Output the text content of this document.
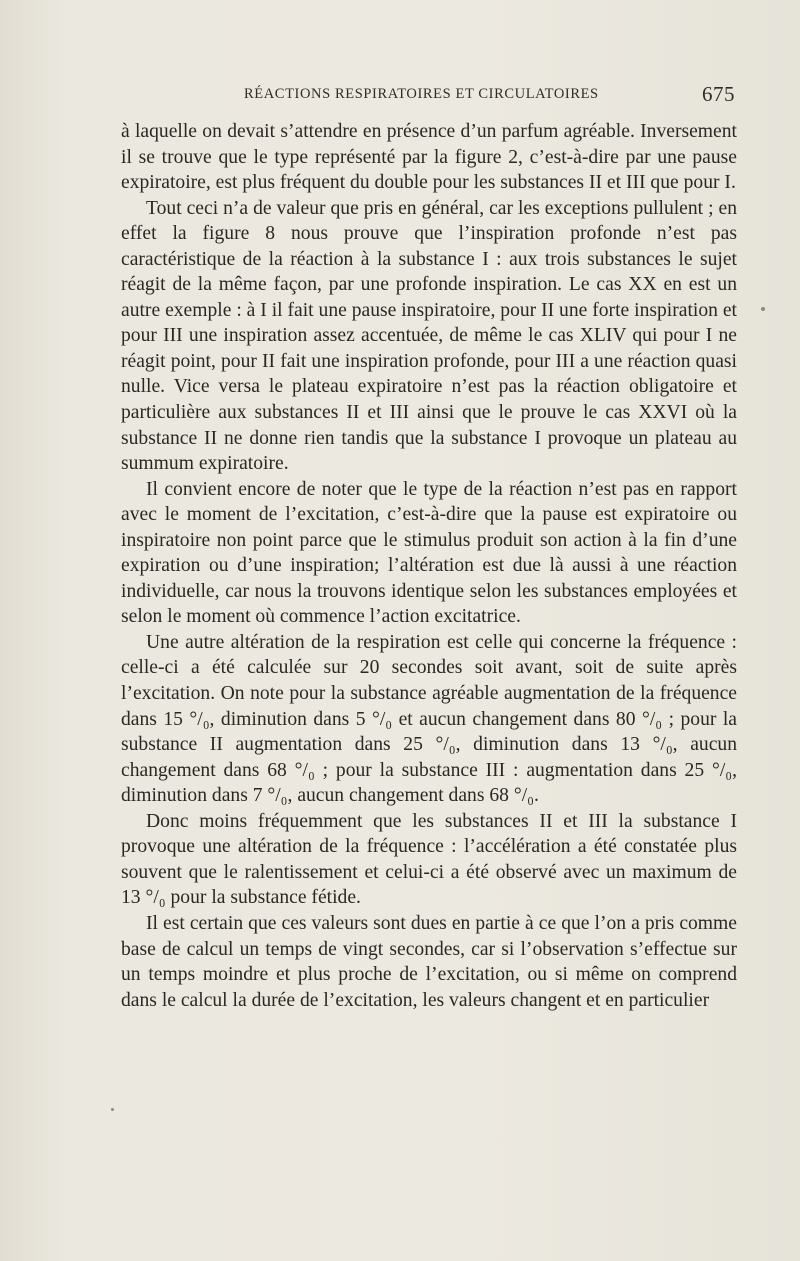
RÉACTIONS RESPIRATOIRES ET CIRCULATOIRES	675

à laquelle on devait s’attendre en présence d’un parfum agréable. Inversement il se trouve que le type représenté par la figure 2, c’est-à-dire par une pause expiratoire, est plus fréquent du double pour les substances II et III que pour I.

Tout ceci n’a de valeur que pris en général, car les exceptions pullulent ; en effet la figure 8 nous prouve que l’inspiration profonde n’est pas caractéristique de la réaction à la substance I : aux trois substances le sujet réagit de la même façon, par une profonde inspiration. Le cas XX en est un autre exemple : à I il fait une pause inspiratoire, pour II une forte inspiration et pour III une inspiration assez accentuée, de même le cas XLIV qui pour I ne réagit point, pour II fait une inspiration profonde, pour III a une réaction quasi nulle. Vice versa le plateau expiratoire n’est pas la réaction obligatoire et particulière aux substances II et III ainsi que le prouve le cas XXVI où la substance II ne donne rien tandis que la substance I provoque un plateau au summum expiratoire.

Il convient encore de noter que le type de la réaction n’est pas en rapport avec le moment de l’excitation, c’est-à-dire que la pause est expiratoire ou inspiratoire non point parce que le stimulus produit son action à la fin d’une expiration ou d’une inspiration; l’altération est due là aussi à une réaction individuelle, car nous la trouvons identique selon les substances employées et selon le moment où commence l’action excitatrice.

Une autre altération de la respiration est celle qui concerne la fréquence : celle-ci a été calculée sur 20 secondes soit avant, soit de suite après l’excitation. On note pour la substance agréable augmentation de la fréquence dans 15 °/₀, diminution dans 5 °/₀ et aucun changement dans 80 °/₀ ; pour la substance II augmentation dans 25 °/₀, diminution dans 13 °/₀, aucun changement dans 68 °/₀ ; pour la substance III : augmentation dans 25 °/₀, diminution dans 7 °/₀, aucun changement dans 68 °/₀.

Donc moins fréquemment que les substances II et III la substance I provoque une altération de la fréquence : l’accélération a été constatée plus souvent que le ralentissement et celui-ci a été observé avec un maximum de 13 °/₀ pour la substance fétide.

Il est certain que ces valeurs sont dues en partie à ce que l’on a pris comme base de calcul un temps de vingt secondes, car si l’observation s’effectue sur un temps moindre et plus proche de l’excitation, ou si même on comprend dans le calcul la durée de l’excitation, les valeurs changent et en particulier
